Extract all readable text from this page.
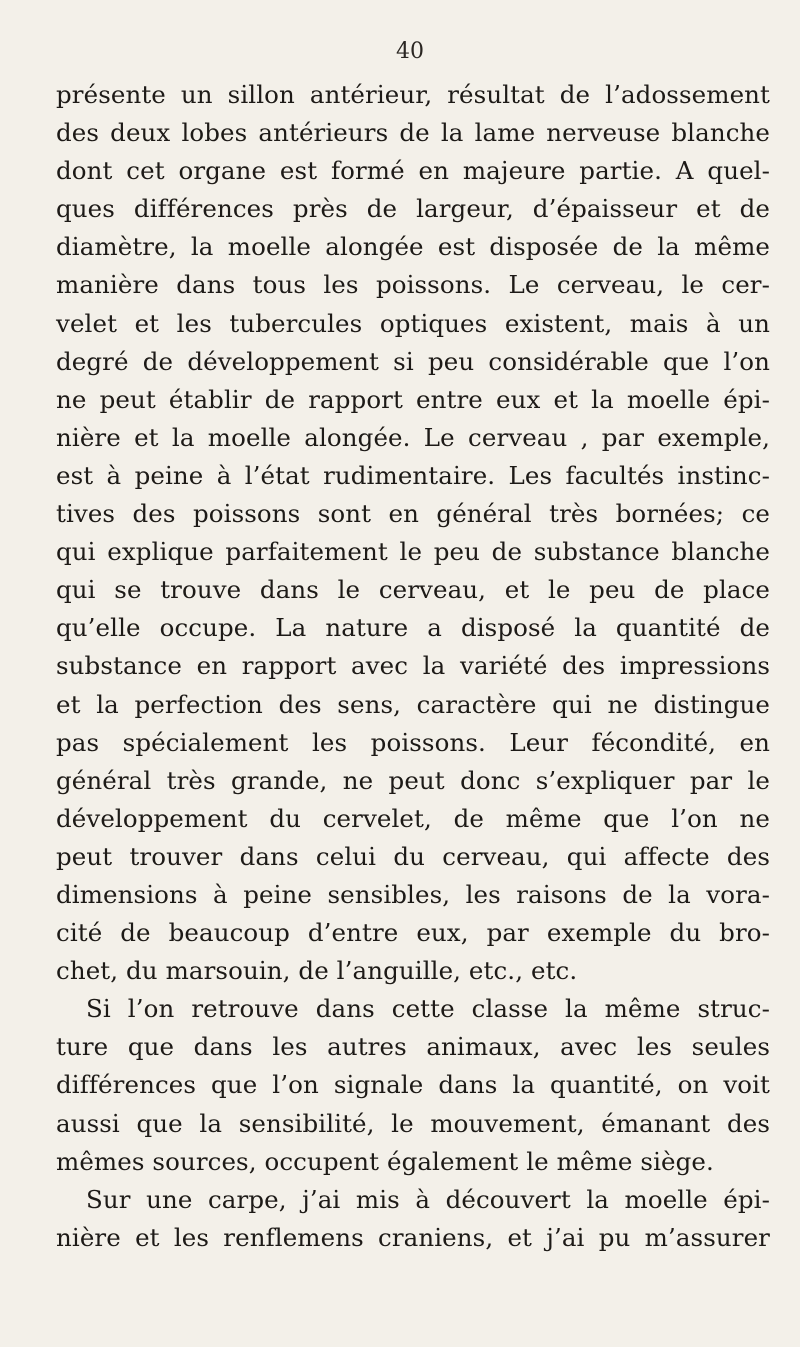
40
présente un sillon antérieur, résultat de l’adossement
des deux lobes antérieurs de la lame nerveuse blanche
dont cet organe est formé en majeure partie. A quel-
ques différences près de largeur, d’épaisseur et de
diamètre, la moelle alongée est disposée de la même
manière dans tous les poissons. Le cerveau, le cer-
velet et les tubercules optiques existent, mais à un
degré de développement si peu considérable que l’on
ne peut établir de rapport entre eux et la moelle épi-
nière et la moelle alongée. Le cerveau , par exemple,
est à peine à l’état rudimentaire. Les facultés instinc-
tives des poissons sont en général très bornées; ce
qui explique parfaitement le peu de substance blanche
qui se trouve dans le cerveau, et le peu de place
qu’elle occupe. La nature a disposé la quantité de
substance en rapport avec la variété des impressions
et la perfection des sens, caractère qui ne distingue
pas spécialement les poissons. Leur fécondité, en
général très grande, ne peut donc s’expliquer par le
développement du cervelet, de même que l’on ne
peut trouver dans celui du cerveau, qui affecte des
dimensions à peine sensibles, les raisons de la vora-
cité de beaucoup d’entre eux, par exemple du bro-
chet, du marsouin, de l’anguille, etc., etc.
Si l’on retrouve dans cette classe la même struc-
ture que dans les autres animaux, avec les seules
différences que l’on signale dans la quantité, on voit
aussi que la sensibilité, le mouvement, émanant des
mêmes sources, occupent également le même siège.
Sur une carpe, j’ai mis à découvert la moelle épi-
nière et les renflemens craniens, et j’ai pu m’assurer
